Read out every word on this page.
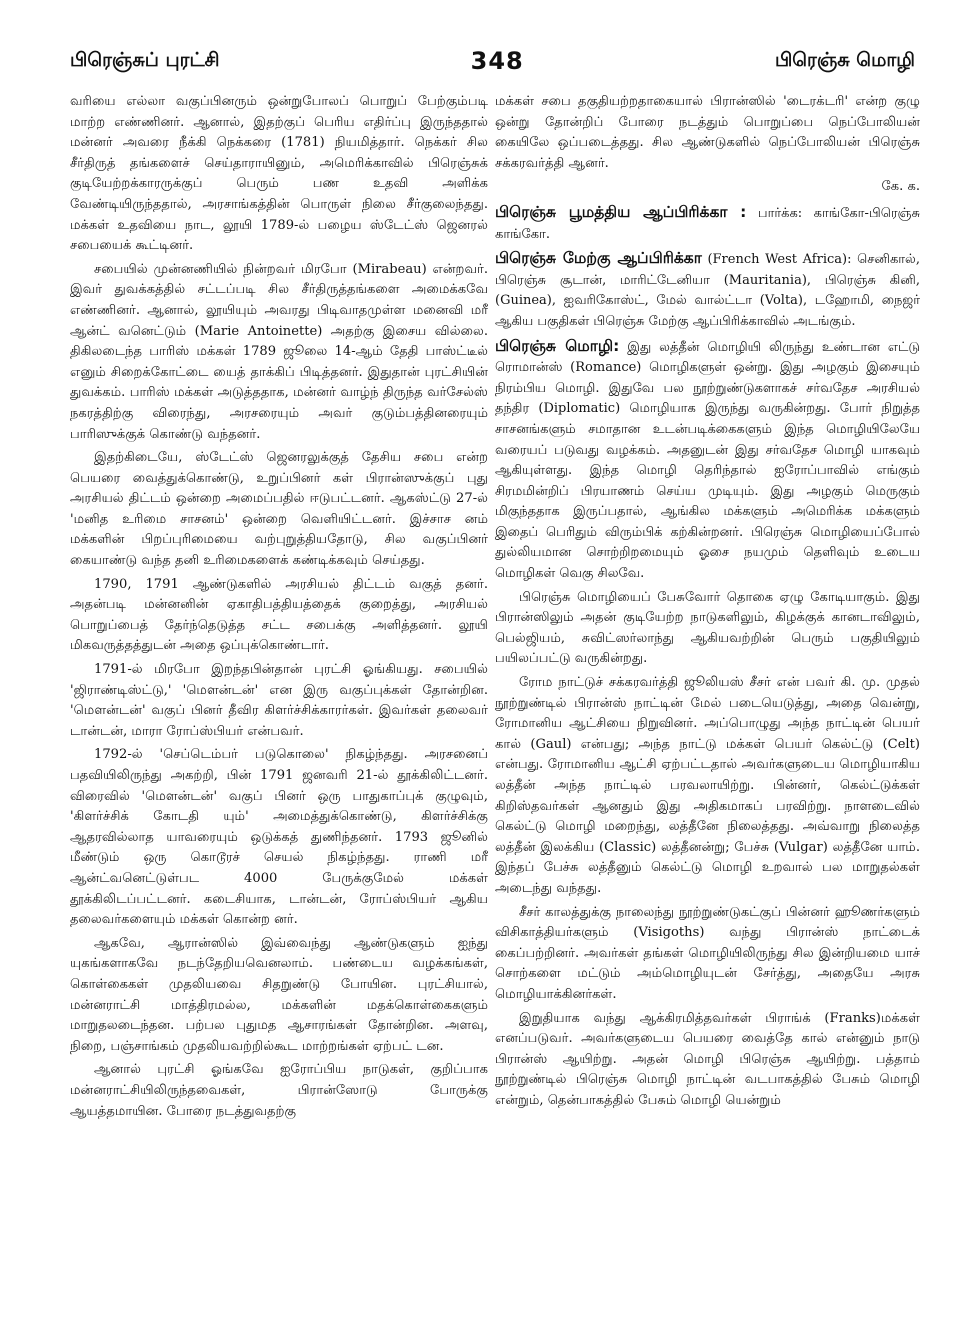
பிரெஞ்சுப் புரட்சி	348	பிரெஞ்சு மொழி

வரியை எல்லா வகுப்பினரும் ஒன்றுபோலப் பொறுப் பேற்கும்படி மாற்ற எண்ணினர். ஆனால், இதற்குப் பெரிய எதிர்ப்பு இருந்ததால் மன்னர் அவரை நீக்கி நெக்கரை (1781) நியமித்தார். நெக்கர் சில சீர்திருத் தங்களைச் செய்தாராயினும், அமெரிக்காவில் பிரெஞ்சுக் குடியேற்றக்காரருக்குப் பெரும் பண உதவி அளிக்க வேண்டியிருந்ததால், அரசாங்கத்தின் பொருள் நிலை சீர்குலைந்தது. மக்கள் உதவியை நாட, லூயி 1789-ல் பழைய ஸ்டேட்ஸ் ஜெனரல் சபையைக் கூட்டினர்.

சபையில் முன்னணியில் நின்றவர் மிரபோ (Mirabeau) என்றவர். இவர் துவக்கத்தில் சட்டப்படி சில சீர்திருத்தங்களை அமைக்கவே எண்ணினர். ஆனால், லூயியும் அவரது பிடிவாதமுள்ள மனைவி மரீ ஆன்ட் வனெட்டும் (Marie Antoinette) அதற்கு இசைய வில்லை. திகிலடைந்த பாரிஸ் மக்கள் 1789 ஜூலை 14-ஆம் தேதி பாஸ்ட்டீல் எனும் சிறைக்கோட்டை யைத் தாக்கிப் பிடித்தனர். இதுதான் புரட்சியின் துவக்கம். பாரிஸ் மக்கள் அடுத்ததாக, மன்னர் வாழ்ந் திருந்த வர்சேல்ஸ் நகரத்திற்கு விரைந்து, அரசரையும் அவர் குடும்பத்தினரையும் பாரிஸுக்குக் கொண்டு வந்தனர்.

இதற்கிடையே, ஸ்டேட்ஸ் ஜெனரலுக்குத் தேசிய சபை என்ற பெயரை வைத்துக்கொண்டு, உறுப்பினர் கள் பிரான்ஸுக்குப் புது அரசியல் திட்டம் ஒன்றை அமைப்பதில் ஈடுபட்டனர். ஆகஸ்ட்டு 27-ல் 'மனித உரிமை சாசனம்' ஒன்றை வெளியிட்டனர். இச்சாச னம் மக்களின் பிறப்புரிமையை வற்புறுத்தியதோடு, சில வகுப்பினர் கையாண்டு வந்த தனி உரிமைகளைக் கண்டிக்கவும் செய்தது.

1790, 1791 ஆண்டுகளில் அரசியல் திட்டம் வகுத் தனர். அதன்படி மன்னனின் ஏகாதிபத்தியத்தைக் குறைத்து, அரசியல் பொறுப்பைத் தேர்ந்தெடுத்த சட்ட சபைக்கு அளித்தனர். லூயி மிகவருத்தத்துடன் அதை ஒப்புக்கொண்டார்.

1791-ல் மிரபோ இறந்தபின்தான் புரட்சி ஓங்கியது. சபையில் 'ஜிராண்டிஸ்ட்டு,' 'மௌன்டன்' என இரு வகுப்புக்கள் தோன்றின. 'மௌன்டன்' வகுப் பினர் தீவிர கிளர்ச்சிக்காரர்கள். இவர்கள் தலைவர் டான்டன், மாரா ரோப்ஸ்பியர் என்பவர்.

1792-ல் 'செப்டெம்பர் படுகொலை' நிகழ்ந்தது. அரசனைப் பதவியிலிருந்து அகற்றி, பின் 1791 ஜனவரி 21-ல் தூக்கிலிட்டனர். விரைவில் 'மௌன்டன்' வகுப் பினர் ஒரு பாதுகாப்புக் குழுவும், 'கிளர்ச்சிக் கோடதி யும்' அமைத்துக்கொண்டு, கிளர்ச்சிக்கு ஆதரவில்லாத யாவரையும் ஒடுக்கத் துணிந்தனர். 1793 ஜூனில் மீண்டும் ஒரு கொடூரச் செயல் நிகழ்ந்தது. ராணி மரீ ஆன்ட்வனெட்டுள்பட 4000 பேருக்குமேல் மக்கள் தூக்கிலிடப்பட்டனர். கடைசியாக, டான்டன், ரோப்ஸ்பியர் ஆகிய தலைவர்களையும் மக்கள் கொன்ற னர்.

ஆகவே, ஆரான்ஸில் இவ்வைந்து ஆண்டுகளும் ஐந்து யுகங்களாகவே நடந்தேறியவெனலாம். பண்டைய வழக்கங்கள், கொள்கைகள் முதலியவை சிதறுண்டு போயின. புரட்சியால், மன்னராட்சி மாத்திரமல்ல, மக்களின் மதக்கொள்கைகளும் மாறுதலடைந்தன. பற்பல புதுமத ஆசாரங்கள் தோன்றின. அளவு, நிறை, பஞ்சாங்கம் முதலியவற்றில்கூட மாற்றங்கள் ஏற்பட் டன.

ஆனால் புரட்சி ஓங்கவே ஐரோப்பிய நாடுகள், குறிப்பாக மன்னராட்சியிலிருந்தவைகள், பிரான்ஸோடு போருக்கு ஆயத்தமாயின. போரை நடத்துவதற்கு

மக்கள் சபை தகுதியற்றதாகையால் பிரான்ஸில் 'டைரக்டரி' என்ற குழு ஒன்று தோன்றிப் போரை நடத்தும் பொறுப்பை நெப்போலியன் கையிலே ஒப்படைத்தது. சில ஆண்டுகளில் நெப்போலியன் பிரெஞ்சு சக்கரவர்த்தி ஆனர்.

கே. க.

பிரெஞ்சு பூமத்திய ஆப்பிரிக்கா : பார்க்க: காங்கோ-பிரெஞ்சு காங்கோ.

பிரெஞ்சு மேற்கு ஆப்பிரிக்கா (French West Africa): செனிகால், பிரெஞ்சு சூடான், மாரிட்டேனியா (Mauritania), பிரெஞ்சு கினி, (Guinea), ஐவரிகோஸ்ட், மேல் வால்ட்டா (Volta), டஹோமி, நைஜர் ஆகிய பகுதிகள் பிரெஞ்சு மேற்கு ஆப்பிரிக்காவில் அடங்கும்.

பிரெஞ்சு மொழி: இது லத்தீன் மொழியி லிருந்து உண்டான எட்டு ரொமான்ஸ் (Romance) மொழிகளுள் ஒன்று. இது அழகும் இசையும் நிரம்பிய மொழி. இதுவே பல நூற்றுண்டுகளாகச் சர்வதேச அரசியல் தந்திர (Diplomatic) மொழியாக இருந்து வருகின்றது. போர் நிறுத்த சாசனங்களும் சமாதான உடன்படிக்கைகளும் இந்த மொழியிலேயே வரையப் படுவது வழக்கம். அதனுடன் இது சர்வதேச மொழி யாகவும் ஆகியுள்ளது. இந்த மொழி தெரிந்தால் ஐரோப்பாவில் எங்கும் சிரமமின்றிப் பிரயாணம் செய்ய முடியும். இது அழகும் மெருகும் மிகுந்ததாக இருப்பதால், ஆங்கில மக்களும் அமெரிக்க மக்களும் இதைப் பெரிதும் விரும்பிக் கற்கின்றனர். பிரெஞ்சு மொழியைப்போல் துல்லியமான சொற்றிறமையும் ஓசை நயமும் தெளிவும் உடைய மொழிகள் வெகு சிலவே.

பிரெஞ்சு மொழியைப் பேசுவோர் தொகை ஏழு கோடியாகும். இது பிரான்ஸிலும் அதன் குடியேற்ற நாடுகளிலும், கிழக்குக் கானடாவிலும், பெல்ஜியம், சுவிட்ஸர்லாந்து ஆகியவற்றின் பெரும் பகுதியிலும் பயிலப்பட்டு வருகின்றது.

ரோம நாட்டுச் சக்கரவர்த்தி ஜூலியஸ் சீசர் என் பவர் கி. மு. முதல் நூற்றுண்டில் பிரான்ஸ் நாட்டின் மேல் படையெடுத்து, அதை வென்று, ரோமானிய ஆட்சியை நிறுவினர். அப்பொழுது அந்த நாட்டின் பெயர் கால் (Gaul) என்பது; அந்த நாட்டு மக்கள் பெயர் கெல்ட்டு (Celt) என்பது. ரோமானிய ஆட்சி ஏற்பட்டதால் அவர்களுடைய மொழியாகிய லத்தீன் அந்த நாட்டில் பரவலாயிற்று. பின்னர், கெல்ட்டுக்கள் கிறிஸ்தவர்கள் ஆனதும் இது அதிகமாகப் பரவிற்று. நாளடைவில் கெல்ட்டு மொழி மறைந்து, லத்தீனே நிலைத்தது. அவ்வாறு நிலைத்த லத்தீன் இலக்கிய (Classic) லத்தீனன்று; பேச்சு (Vulgar) லத்தீனே யாம். இந்தப் பேச்சு லத்தீனும் கெல்ட்டு மொழி உறவால் பல மாறுதல்கள் அடைந்து வந்தது.

சீசர் காலத்துக்கு நாலைந்து நூற்றுண்டுகட்குப் பின்னர் ஹூணர்களும் விசிகாத்தியர்களும் (Visigoths) வந்து பிரான்ஸ் நாட்டைக் கைப்பற்றினர். அவர்கள் தங்கள் மொழியிலிருந்து சில இன்றியமை யாச் சொற்களை மட்டும் அம்மொழியுடன் சேர்த்து, அதையே அரசு மொழியாக்கினர்கள்.

இறுதியாக வந்து ஆக்கிரமித்தவர்கள் பிராங்க் (Franks)மக்கள் எனப்படுவர். அவர்களுடைய பெயரை வைத்தே கால் என்னும் நாடு பிரான்ஸ் ஆயிற்று. அதன் மொழி பிரெஞ்சு ஆயிற்று. பத்தாம் நூற்றுண்டில் பிரெஞ்சு மொழி நாட்டின் வடபாகத்தில் பேசும் மொழி என்றும், தென்பாகத்தில் பேசும் மொழி யென்றும்
